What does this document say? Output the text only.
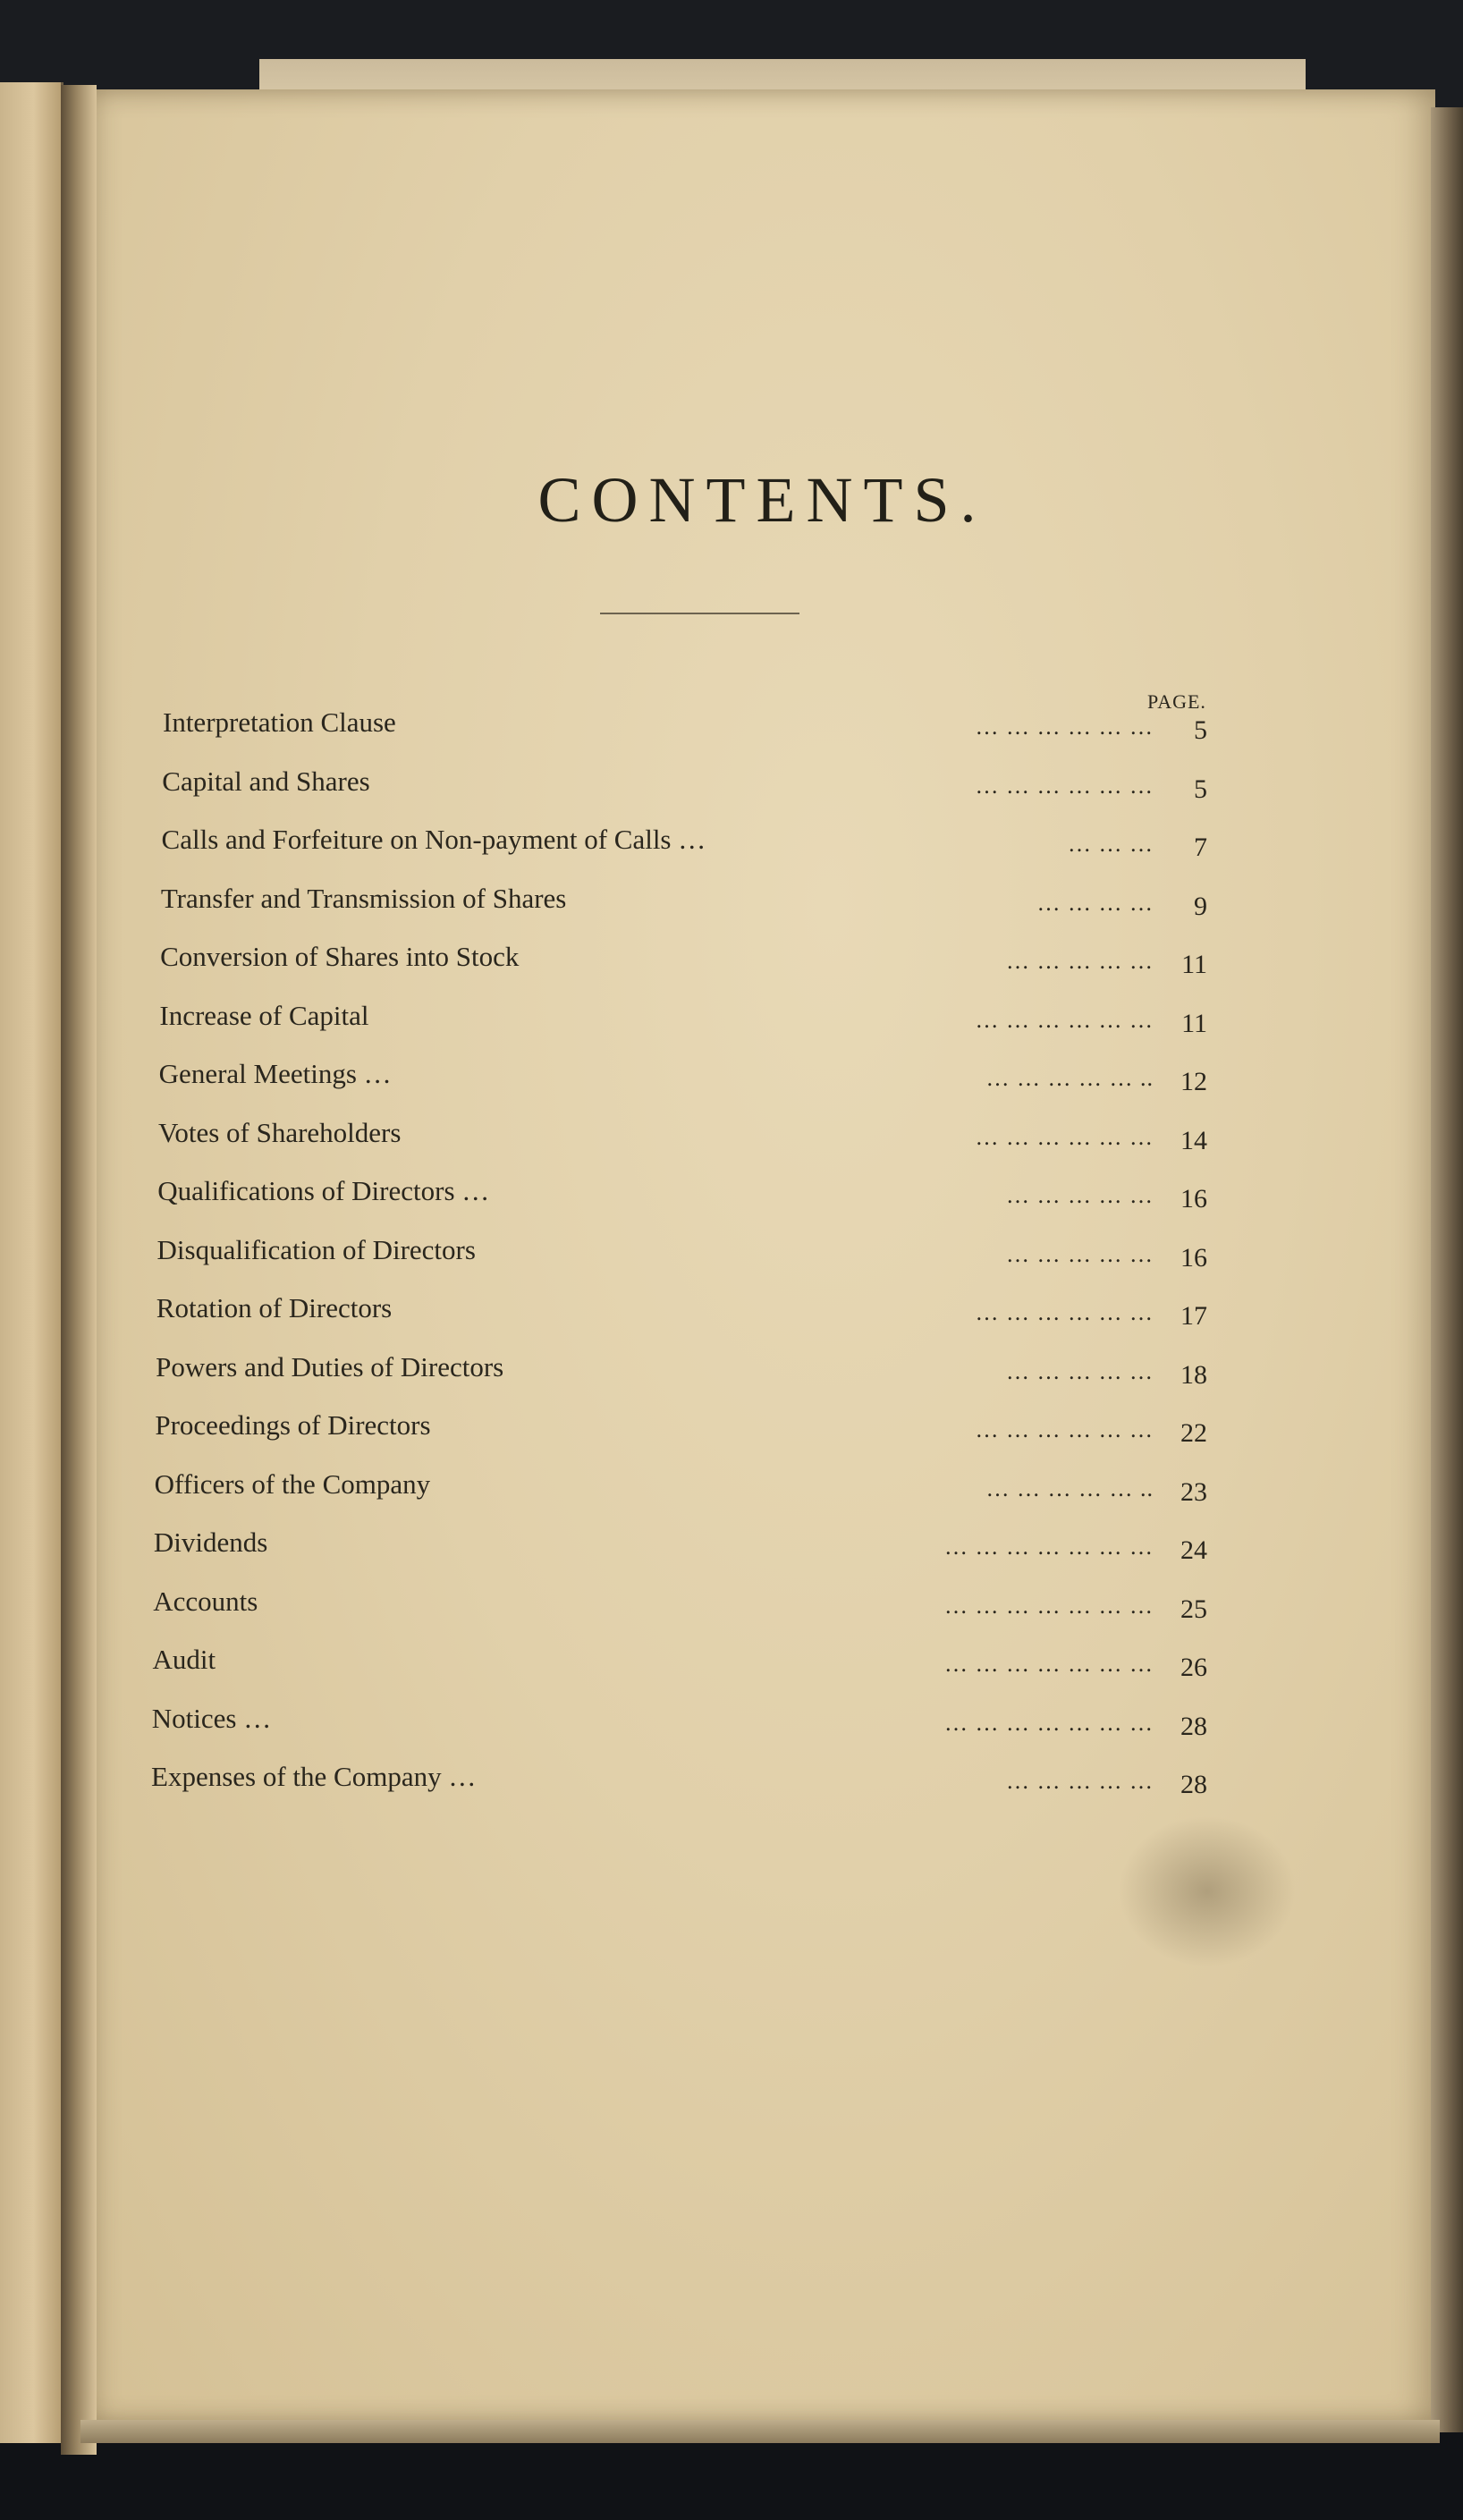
CONTENTS.
PAGE.
Interpretation Clause	… … … … … … 5
Capital and Shares	… … … … … … 5
Calls and Forfeiture on Non-payment of Calls …	… … … 7
Transfer and Transmission of Shares	… … … … 9
Conversion of Shares into Stock	… … … … … 11
Increase of Capital	… … … … … … 11
General Meetings …	… … … … … .. 12
Votes of Shareholders	… … … … … … 14
Qualifications of Directors …	… … … … … 16
Disqualification of Directors	… … … … … 16
Rotation of Directors	… … … … … … 17
Powers and Duties of Directors	… … … … … 18
Proceedings of Directors	… … … … … … 22
Officers of the Company	… … … … … .. 23
Dividends	… … … … … … … 24
Accounts	… … … … … … … 25
Audit	… … … … … … … 26
Notices …	… … … … … … … 28
Expenses of the Company …	… … … … … 28
